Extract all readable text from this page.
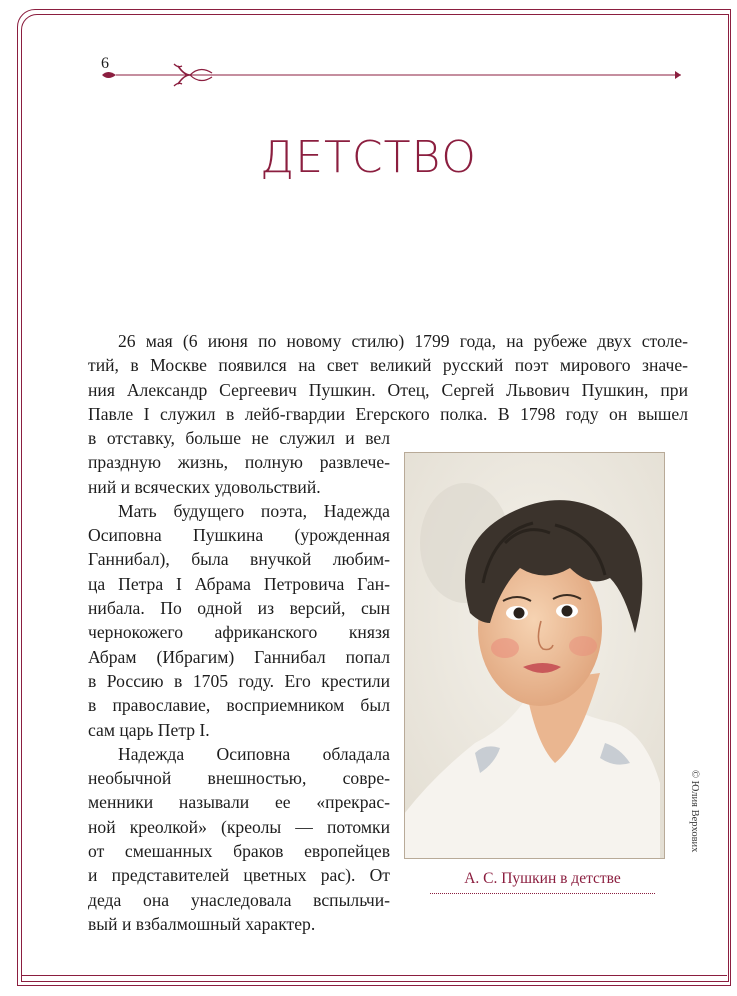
6
ДЕТСТВО
26 мая (6 июня по новому стилю) 1799 года, на рубеже двух столе-
тий, в Москве появился на свет великий русский поэт мирового значе-
ния Александр Сергеевич Пушкин. Отец, Сергей Львович Пушкин, при
Павле I служил в лейб-гвардии Егерского полка. В 1798 году он вышел
в отставку, больше не служил и вел
праздную жизнь, полную развлече-
ний и всяческих удовольствий.
Мать будущего поэта, Надежда
Осиповна Пушкина (урожденная
Ганнибал), была внучкой любим-
ца Петра I Абрама Петровича Ган-
нибала. По одной из версий, сын
чернокожего африканского князя
Абрам (Ибрагим) Ганнибал попал
в Россию в 1705 году. Его крестили
в православие, восприемником был
сам царь Петр I.
Надежда Осиповна обладала
необычной внешностью, совре-
менники называли ее «прекрас-
ной креолкой» (креолы — потомки
от смешанных браков европейцев
и представителей цветных рас). От
деда она унаследовала вспыльчи-
вый и взбалмошный характер.
А. С. Пушкин в детстве
© Юлия Верхових
